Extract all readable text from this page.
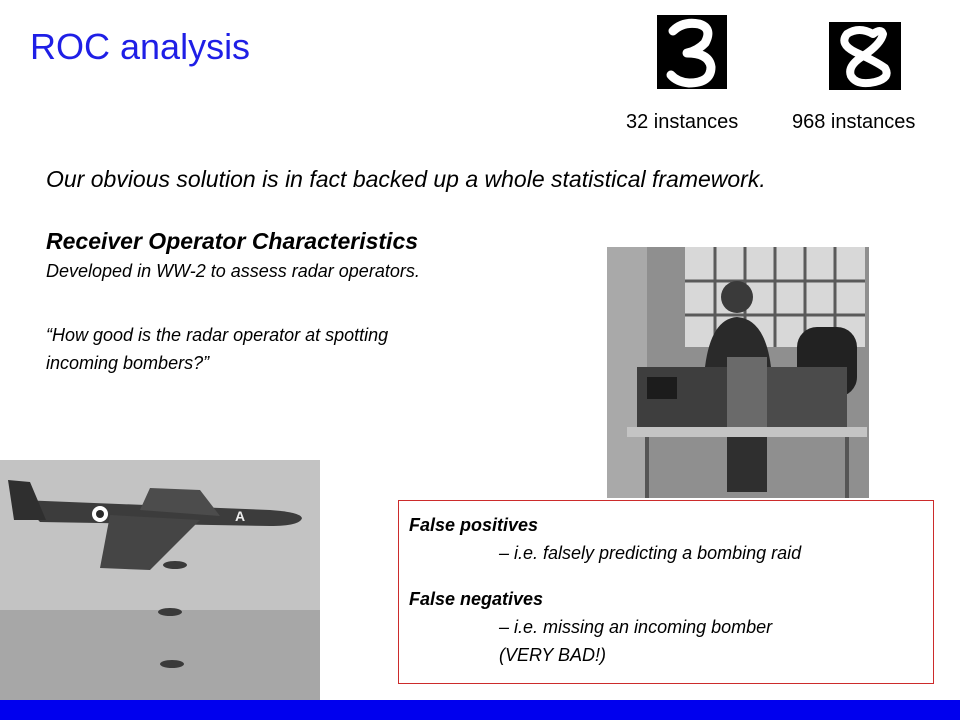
ROC analysis
32 instances	968 instances
Our obvious solution is in fact backed up a whole statistical framework.
Receiver Operator Characteristics
Developed in WW-2 to assess radar operators.
“How good is the radar operator at spotting
incoming bombers?”
A	False positives
– i.e. falsely predicting a bombing raid
False negatives
– i.e. missing an incoming bomber
(VERY BAD!)
